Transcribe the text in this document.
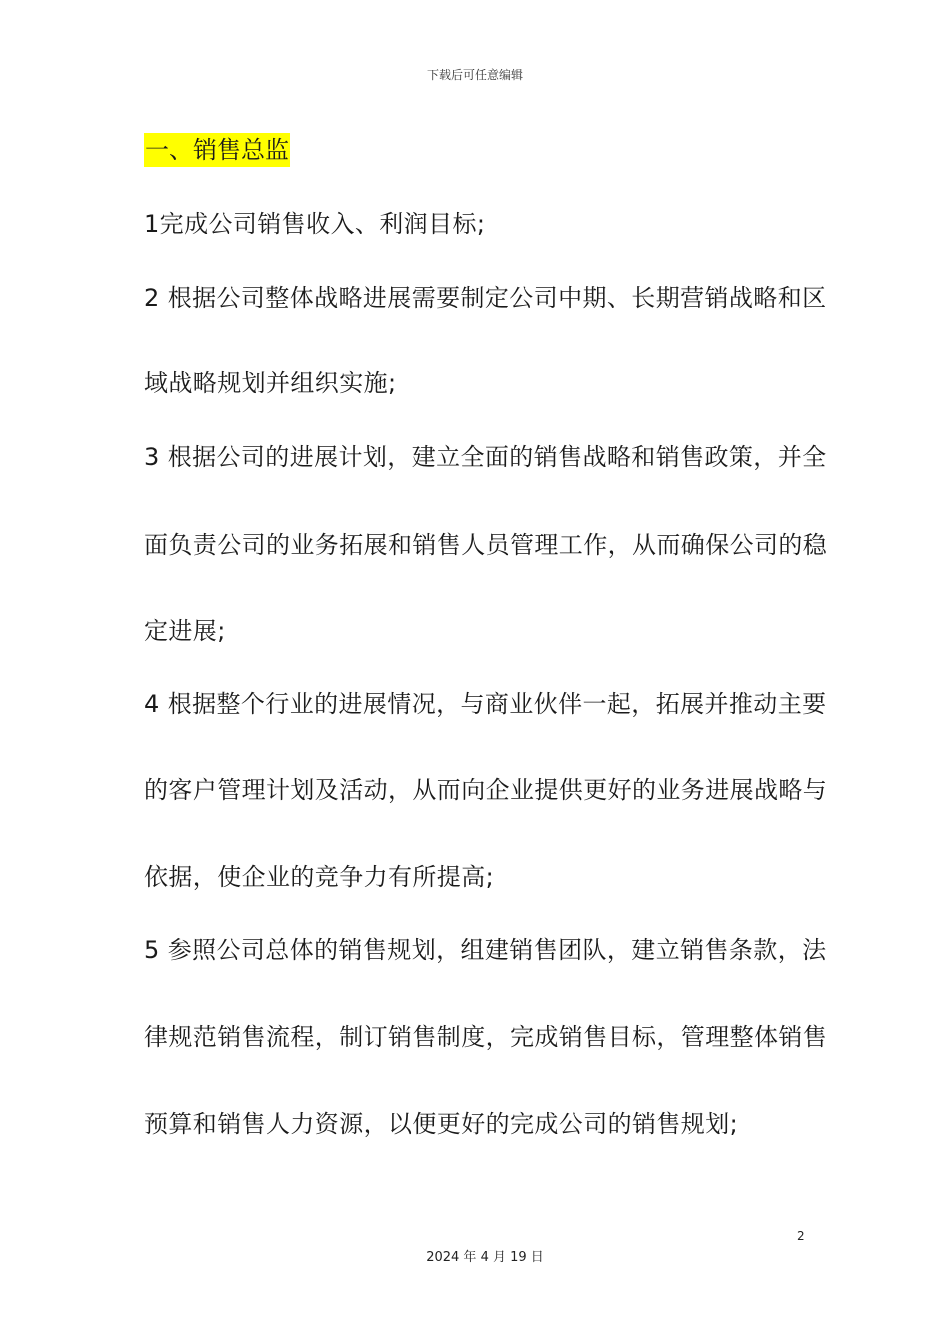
下载后可任意编辑
一、销售总监
1完成公司销售收入、利润目标;
2 根据公司整体战略进展需要制定公司中期、长期营销战略和区
域战略规划并组织实施;
3 根据公司的进展计划，建立全面的销售战略和销售政策，并全
面负责公司的业务拓展和销售人员管理工作，从而确保公司的稳
定进展;
4 根据整个行业的进展情况，与商业伙伴一起，拓展并推动主要
的客户管理计划及活动，从而向企业提供更好的业务进展战略与
依据，使企业的竞争力有所提高;
5 参照公司总体的销售规划，组建销售团队，建立销售条款，法
律规范销售流程，制订销售制度，完成销售目标，管理整体销售
预算和销售人力资源，以便更好的完成公司的销售规划;
2
2024 年 4 月 19 日
